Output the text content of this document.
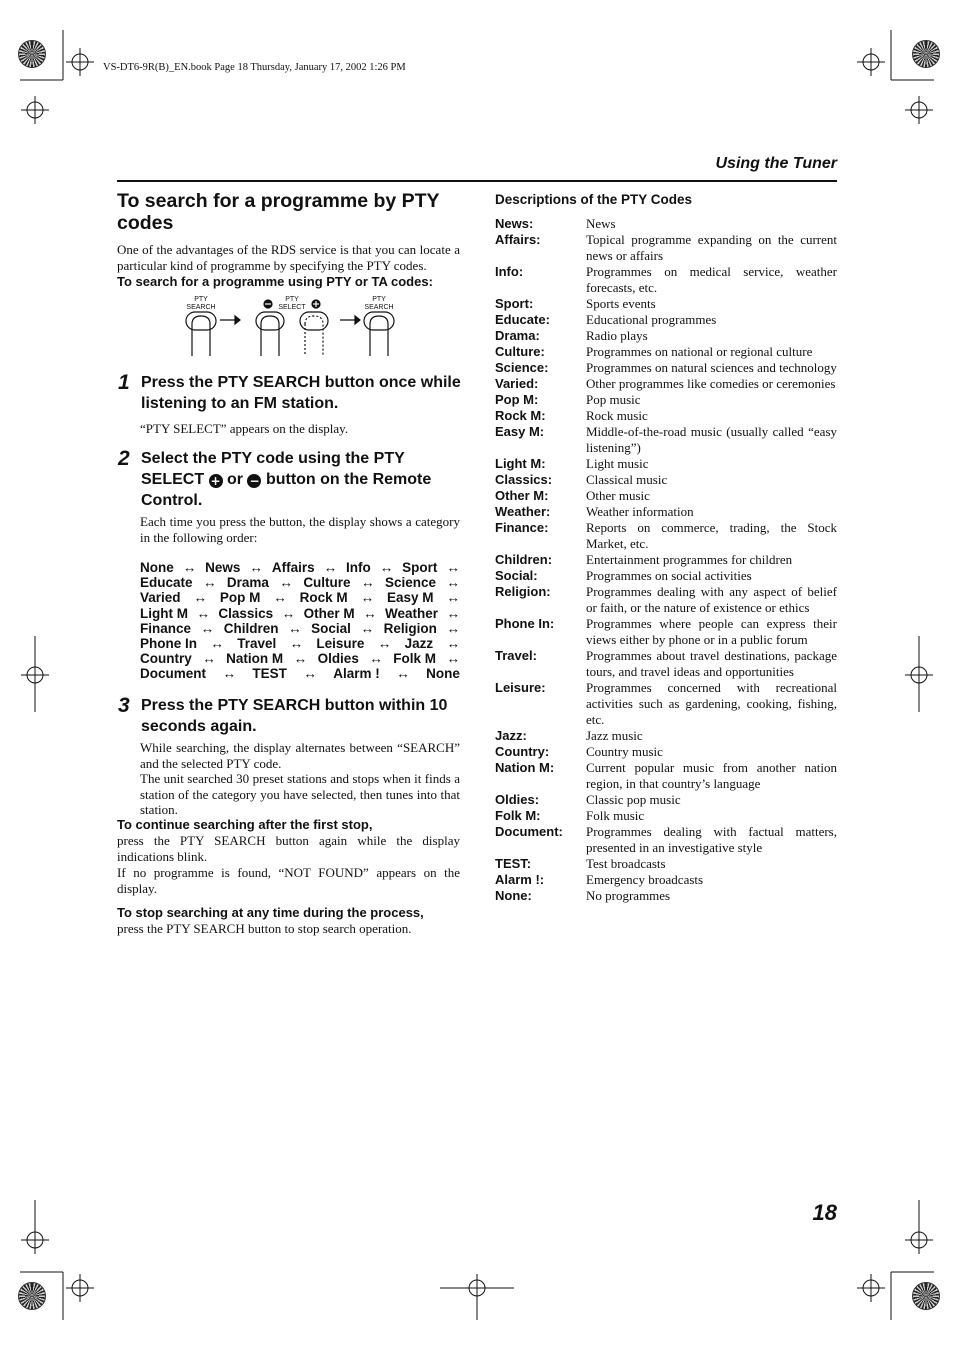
VS-DT6-9R(B)_EN.book Page 18 Thursday, January 17, 2002 1:26 PM
Using the Tuner
To search for a programme by PTY codes
One of the advantages of the RDS service is that you can locate a particular kind of programme by specifying the PTY codes.
To search for a programme using PTY or TA codes:
PTY
SEARCH
PTY
SELECT
PTY
SEARCH
1 Press the PTY SEARCH button once while listening to an FM station.
“PTY SELECT” appears on the display.
2 Select the PTY code using the PTY SELECT + or − button on the Remote Control.
Each time you press the button, the display shows a category in the following order:
None ↔ News ↔ Affairs ↔ Info ↔ Sport ↔
Educate ↔ Drama ↔ Culture ↔ Science ↔
Varied ↔ Pop M ↔ Rock M ↔ Easy M ↔
Light M ↔ Classics ↔ Other M ↔ Weather ↔
Finance ↔ Children ↔ Social ↔ Religion ↔
Phone In ↔ Travel ↔ Leisure ↔ Jazz ↔
Country ↔ Nation M ↔ Oldies ↔ Folk M ↔
Document ↔ TEST ↔ Alarm ! ↔ None
3 Press the PTY SEARCH button within 10 seconds again.
While searching, the display alternates between “SEARCH” and the selected PTY code.
The unit searched 30 preset stations and stops when it finds a station of the category you have selected, then tunes into that station.
To continue searching after the first stop,
press the PTY SEARCH button again while the display indications blink.
If no programme is found, “NOT FOUND” appears on the display.
To stop searching at any time during the process,
press the PTY SEARCH button to stop search operation.
Descriptions of the PTY Codes
News:	News
Affairs:	Topical programme expanding on the current news or affairs
Info:	Programmes on medical service, weather forecasts, etc.
Sport:	Sports events
Educate:	Educational programmes
Drama:	Radio plays
Culture:	Programmes on national or regional culture
Science:	Programmes on natural sciences and technology
Varied:	Other programmes like comedies or ceremonies
Pop M:	Pop music
Rock M:	Rock music
Easy M:	Middle-of-the-road music (usually called “easy listening”)
Light M:	Light music
Classics:	Classical music
Other M:	Other music
Weather:	Weather information
Finance:	Reports on commerce, trading, the Stock Market, etc.
Children:	Entertainment programmes for children
Social:	Programmes on social activities
Religion:	Programmes dealing with any aspect of belief or faith, or the nature of existence or ethics
Phone In:	Programmes where people can express their views either by phone or in a public forum
Travel:	Programmes about travel destinations, package tours, and travel ideas and opportunities
Leisure:	Programmes concerned with recreational activities such as gardening, cooking, fishing, etc.
Jazz:	Jazz music
Country:	Country music
Nation M:	Current popular music from another nation region, in that country’s language
Oldies:	Classic pop music
Folk M:	Folk music
Document:	Programmes dealing with factual matters, presented in an investigative style
TEST:	Test broadcasts
Alarm !:	Emergency broadcasts
None:	No programmes
18
